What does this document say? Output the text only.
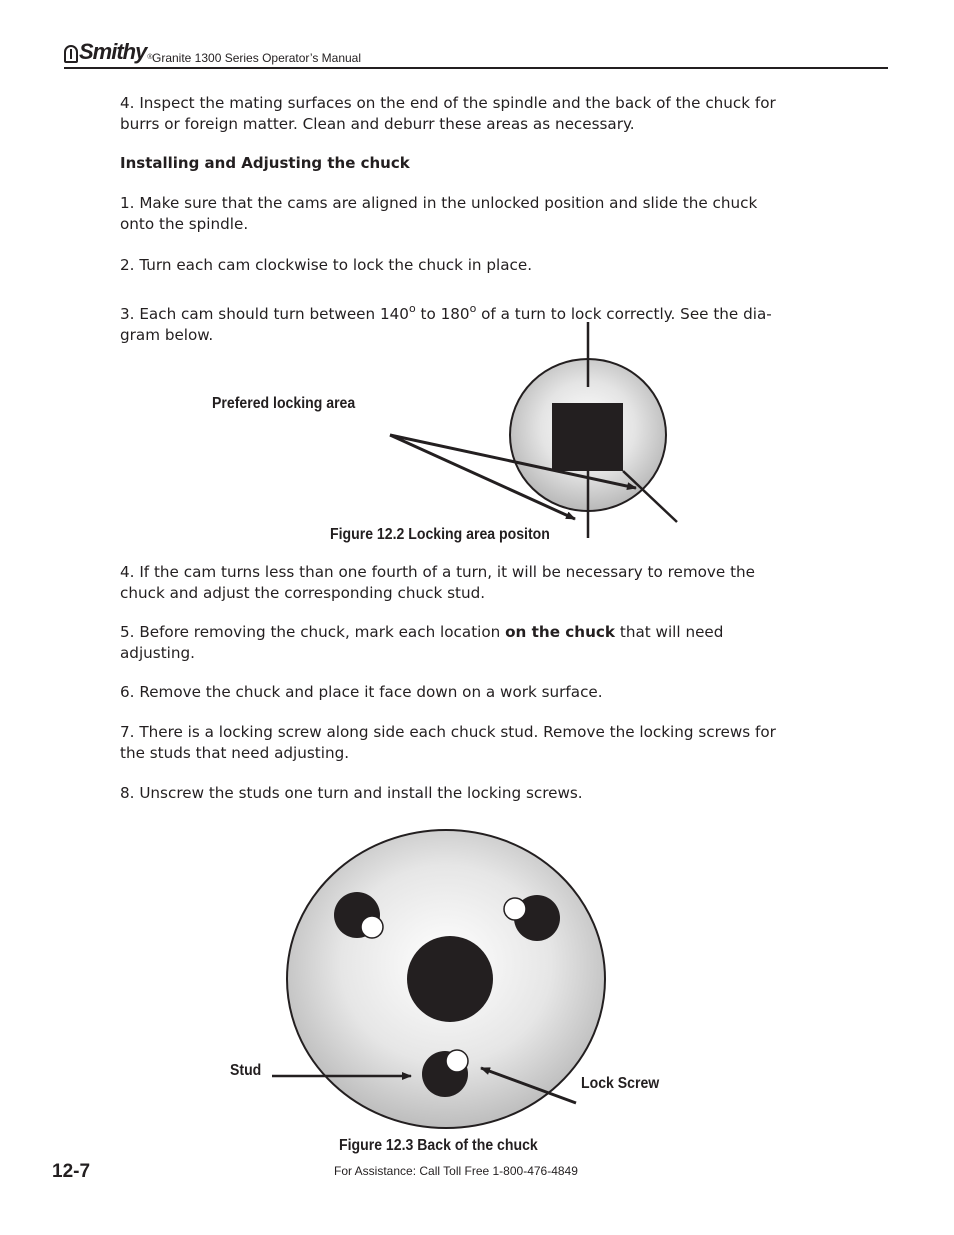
Smithy ® Granite 1300 Series Operator’s Manual
4. Inspect the mating surfaces on the end of the spindle and the back of the chuck for burrs or foreign matter. Clean and deburr these areas as necessary.
Installing and Adjusting the chuck
1. Make sure that the cams are aligned in the unlocked position and slide the chuck onto the spindle.
2. Turn each cam clockwise to lock the chuck in place.
3. Each cam should turn between 140$^o$ to 180$^o$ of a turn to lock correctly. See the dia-gram below.
Prefered locking area
Figure 12.2 Locking area positon
4. If the cam turns less than one fourth of a turn, it will be necessary to remove the chuck and adjust the corresponding chuck stud.
5. Before removing the chuck, mark each location on the chuck that will need adjusting.
6. Remove the chuck and place it face down on a work surface.
7. There is a locking screw along side each chuck stud. Remove the locking screws for the studs that need adjusting.
8. Unscrew the studs one turn and install the locking screws.
Stud
Lock Screw
Figure 12.3 Back of the chuck
12-7	For Assistance: Call Toll Free 1-800-476-4849
